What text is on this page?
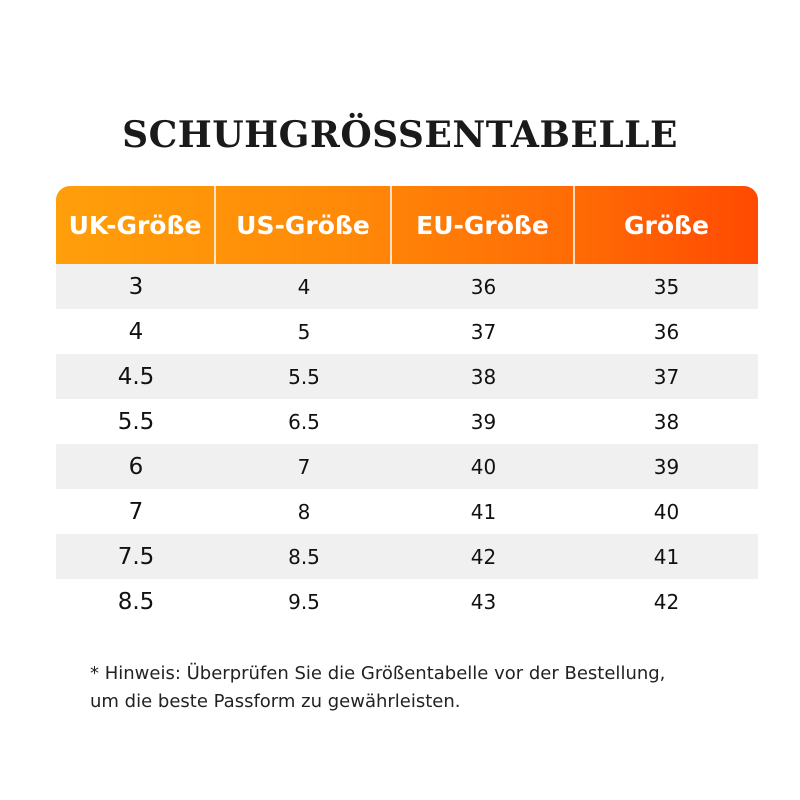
SCHUHGRÖSSENTABELLE
UK-Größe	US-Größe	EU-Größe	Größe
3	4	36	35
4	5	37	36
4.5	5.5	38	37
5.5	6.5	39	38
6	7	40	39
7	8	41	40
7.5	8.5	42	41
8.5	9.5	43	42
* Hinweis: Überprüfen Sie die Größentabelle vor der Bestellung,
um die beste Passform zu gewährleisten.
